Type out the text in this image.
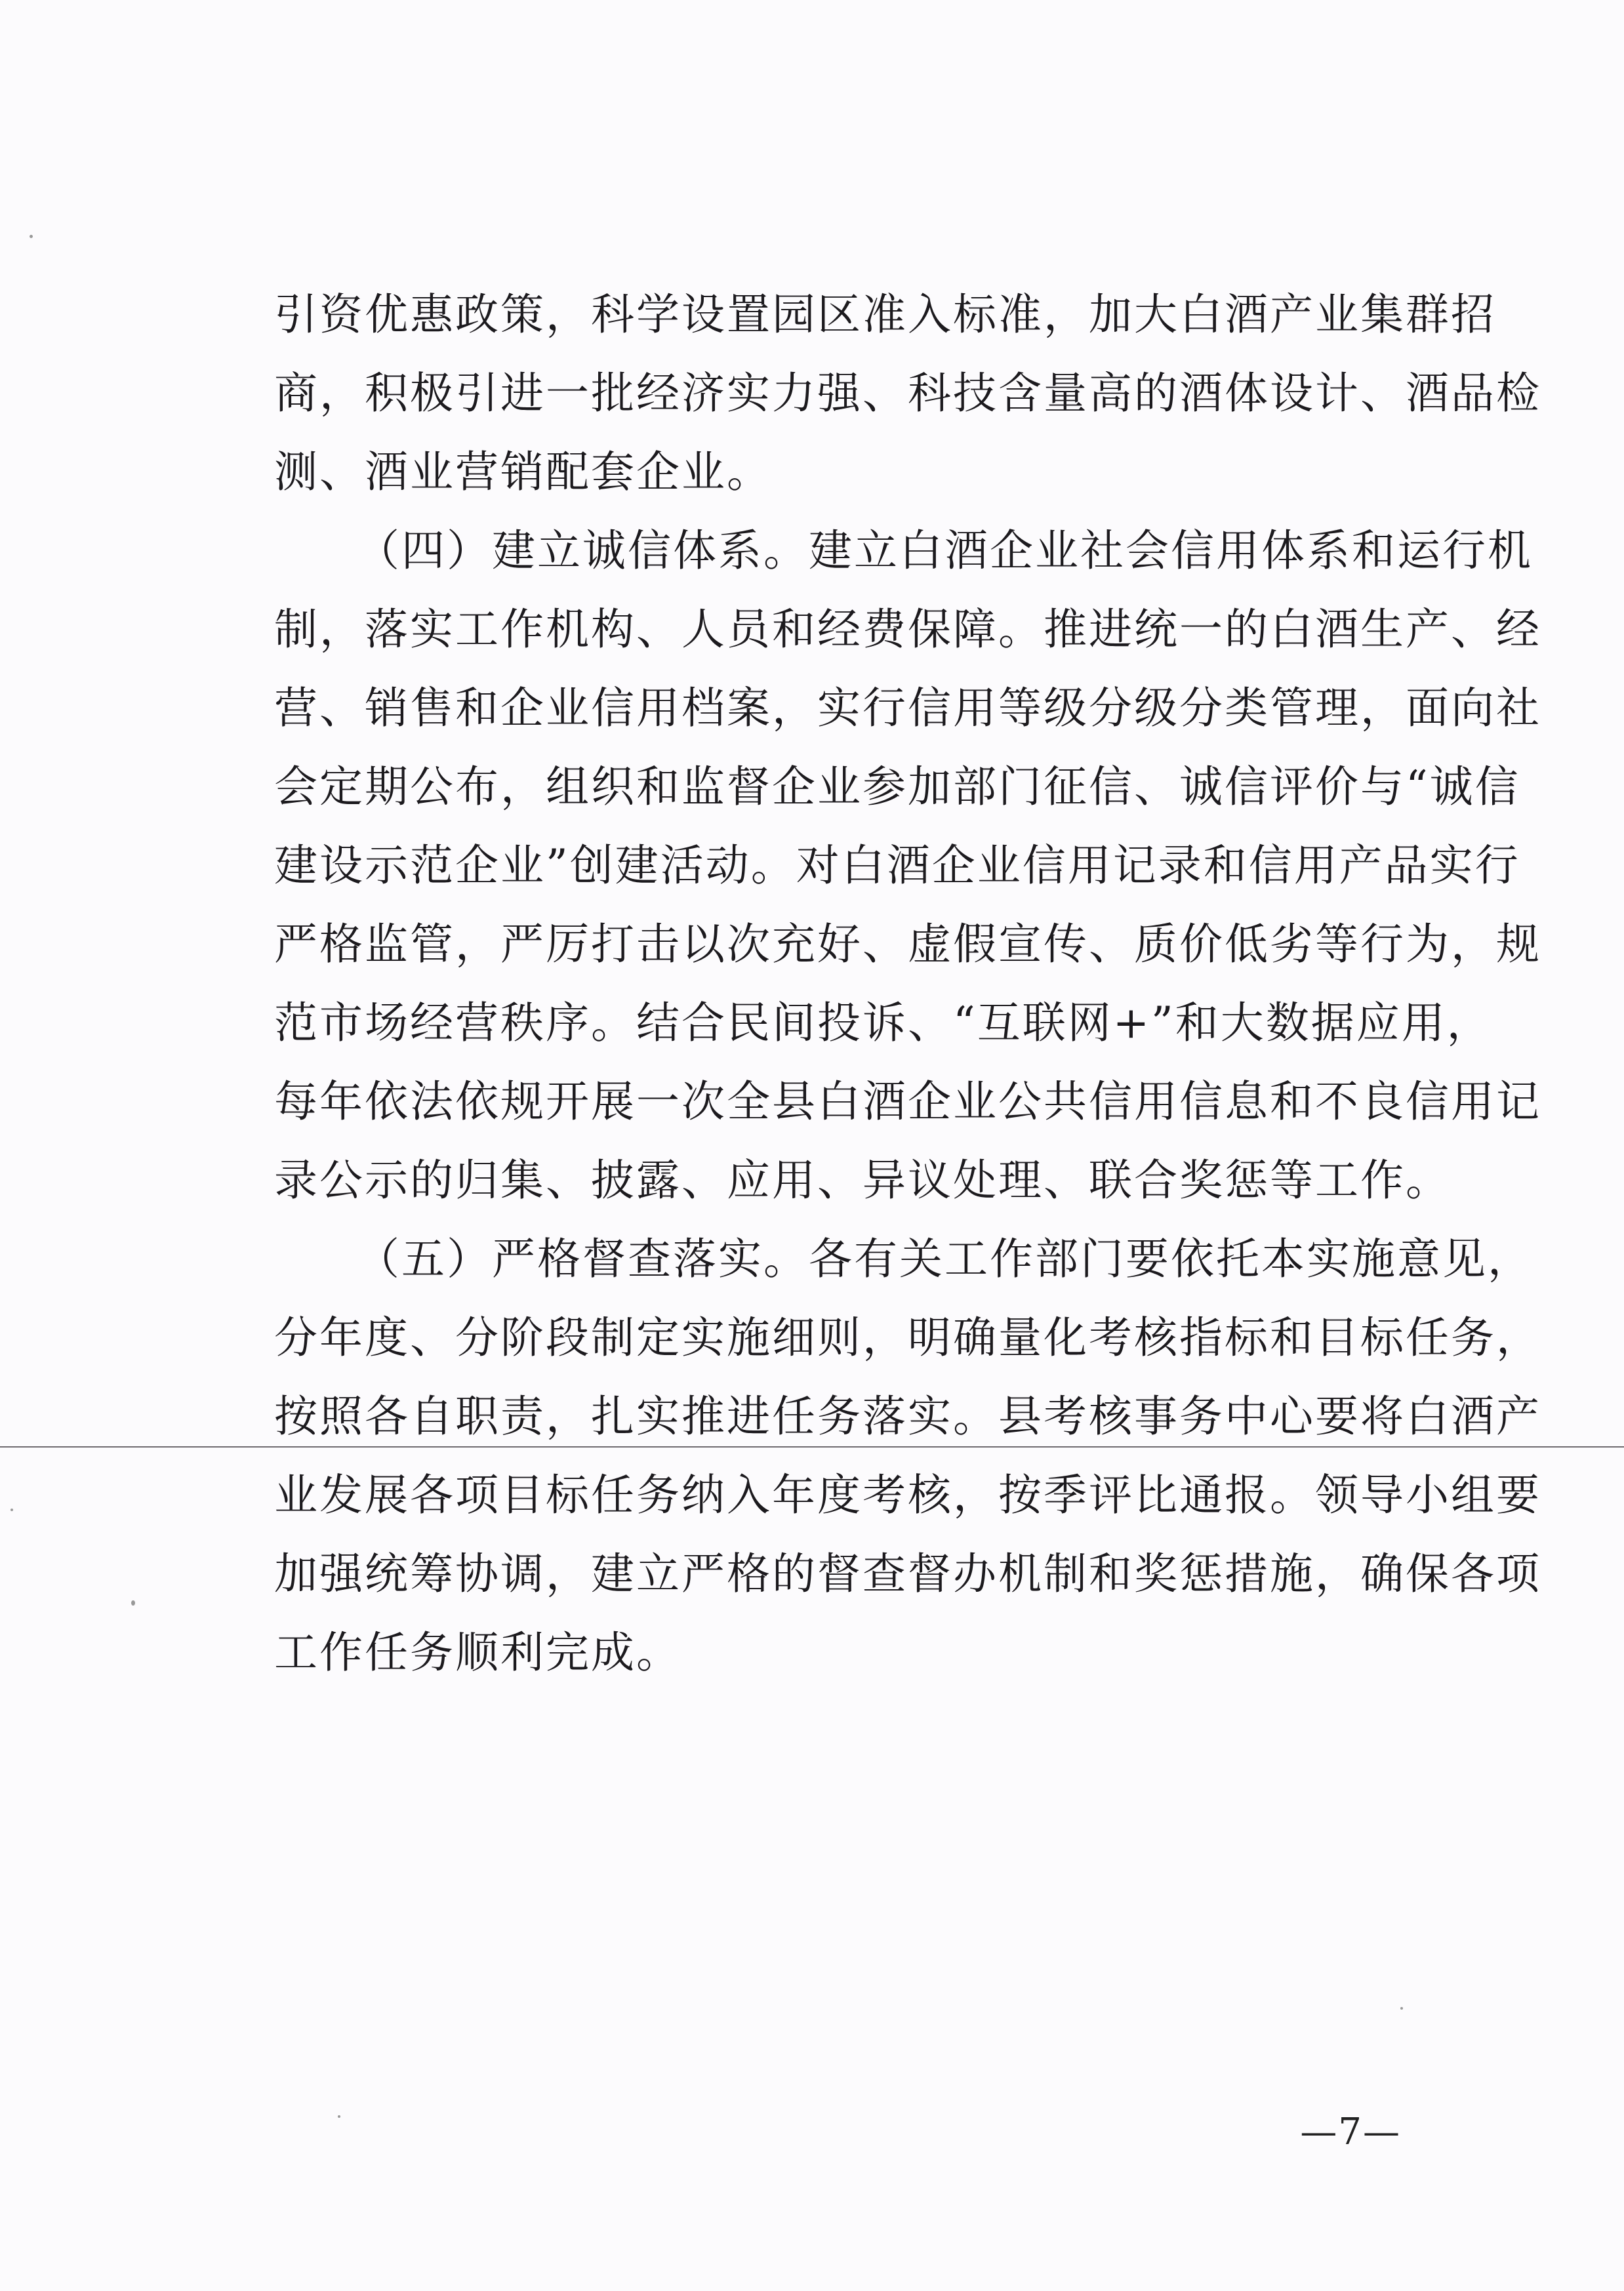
引资优惠政策，科学设置园区准入标准，加大白酒产业集群招
商，积极引进一批经济实力强、科技含量高的酒体设计、酒品检
测、酒业营销配套企业。
（四）建立诚信体系。建立白酒企业社会信用体系和运行机
制，落实工作机构、人员和经费保障。推进统一的白酒生产、经
营、销售和企业信用档案，实行信用等级分级分类管理，面向社
会定期公布，组织和监督企业参加部门征信、诚信评价与“诚信
建设示范企业”创建活动。对白酒企业信用记录和信用产品实行
严格监管，严厉打击以次充好、虚假宣传、质价低劣等行为，规
范市场经营秩序。结合民间投诉、“互联网+”和大数据应用，
每年依法依规开展一次全县白酒企业公共信用信息和不良信用记
录公示的归集、披露、应用、异议处理、联合奖惩等工作。
（五）严格督查落实。各有关工作部门要依托本实施意见，
分年度、分阶段制定实施细则，明确量化考核指标和目标任务，
按照各自职责，扎实推进任务落实。县考核事务中心要将白酒产
业发展各项目标任务纳入年度考核，按季评比通报。领导小组要
加强统筹协调，建立严格的督查督办机制和奖惩措施，确保各项
工作任务顺利完成。
—7—
